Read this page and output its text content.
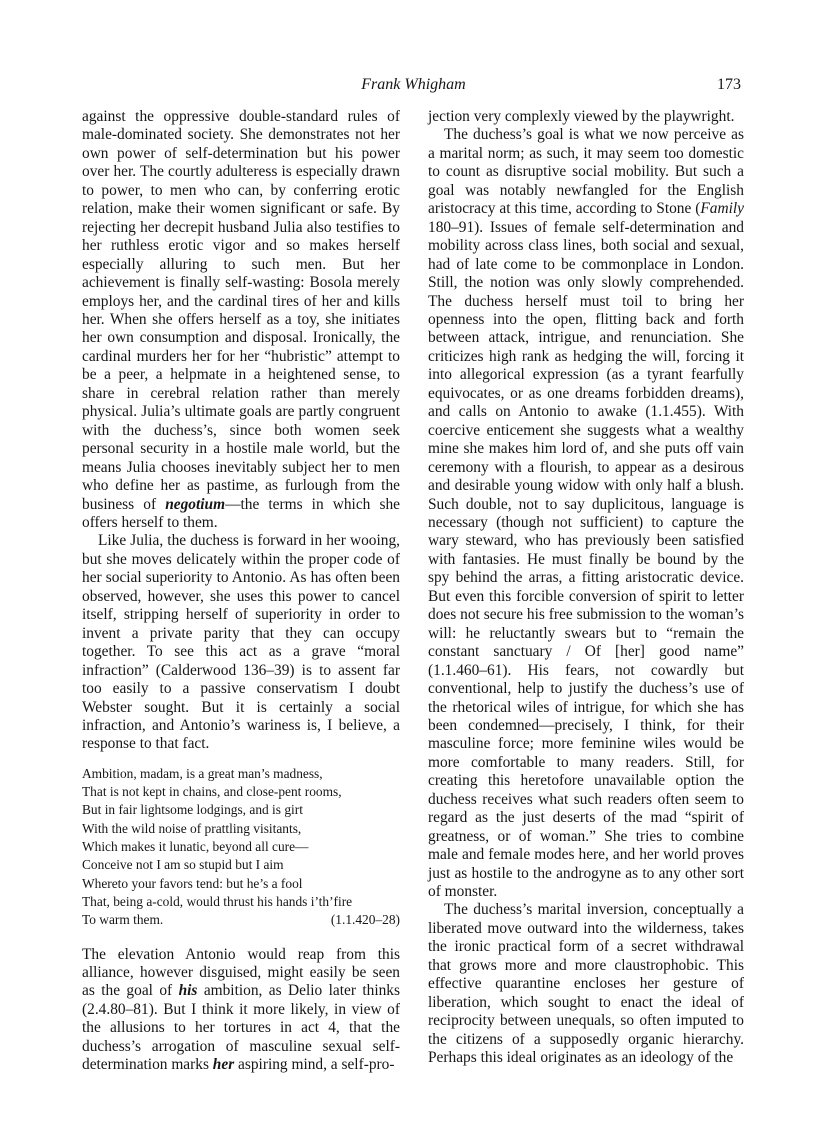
Frank Whigham	173

against the oppressive double-standard rules of male-dominated society. She demonstrates not her own power of self-determination but his power over her. The courtly adulteress is especially drawn to power, to men who can, by conferring erotic relation, make their women significant or safe. By rejecting her decrepit husband Julia also testifies to her ruthless erotic vigor and so makes herself especially alluring to such men. But her achievement is finally self-wasting: Bosola merely employs her, and the cardinal tires of her and kills her. When she offers herself as a toy, she initiates her own consumption and disposal. Ironically, the cardinal murders her for her “hubristic” attempt to be a peer, a helpmate in a heightened sense, to share in cerebral relation rather than merely physical. Julia’s ultimate goals are partly congruent with the duchess’s, since both women seek personal security in a hostile male world, but the means Julia chooses inevitably subject her to men who define her as pastime, as furlough from the business of negotium—the terms in which she offers herself to them.

Like Julia, the duchess is forward in her wooing, but she moves delicately within the proper code of her social superiority to Antonio. As has often been observed, however, she uses this power to cancel itself, stripping herself of superiority in order to invent a private parity that they can occupy together. To see this act as a grave “moral infraction” (Calderwood 136–39) is to assent far too easily to a passive conservatism I doubt Webster sought. But it is certainly a social infraction, and Antonio’s wariness is, I believe, a response to that fact.

Ambition, madam, is a great man’s madness,
That is not kept in chains, and close-pent rooms,
But in fair lightsome lodgings, and is girt
With the wild noise of prattling visitants,
Which makes it lunatic, beyond all cure—
Conceive not I am so stupid but I aim
Whereto your favors tend: but he’s a fool
That, being a-cold, would thrust his hands i’th’fire
To warm them.	(1.1.420–28)

The elevation Antonio would reap from this alliance, however disguised, might easily be seen as the goal of his ambition, as Delio later thinks (2.4.80–81). But I think it more likely, in view of the allusions to her tortures in act 4, that the duchess’s arrogation of masculine sexual self-determination marks her aspiring mind, a self-pro-

jection very complexly viewed by the playwright.

The duchess’s goal is what we now perceive as a marital norm; as such, it may seem too domestic to count as disruptive social mobility. But such a goal was notably newfangled for the English aristocracy at this time, according to Stone (Family 180–91). Issues of female self-determination and mobility across class lines, both social and sexual, had of late come to be commonplace in London. Still, the notion was only slowly comprehended. The duchess herself must toil to bring her openness into the open, flitting back and forth between attack, intrigue, and renunciation. She criticizes high rank as hedging the will, forcing it into allegorical expression (as a tyrant fearfully equivocates, or as one dreams forbidden dreams), and calls on Antonio to awake (1.1.455). With coercive enticement she suggests what a wealthy mine she makes him lord of, and she puts off vain ceremony with a flourish, to appear as a desirous and desirable young widow with only half a blush. Such double, not to say duplicitous, language is necessary (though not sufficient) to capture the wary steward, who has previously been satisfied with fantasies. He must finally be bound by the spy behind the arras, a fitting aristocratic device. But even this forcible conversion of spirit to letter does not secure his free submission to the woman’s will: he reluctantly swears but to “remain the constant sanctuary / Of [her] good name” (1.1.460–61). His fears, not cowardly but conventional, help to justify the duchess’s use of the rhetorical wiles of intrigue, for which she has been condemned—precisely, I think, for their masculine force; more feminine wiles would be more comfortable to many readers. Still, for creating this heretofore unavailable option the duchess receives what such readers often seem to regard as the just deserts of the mad “spirit of greatness, or of woman.” She tries to combine male and female modes here, and her world proves just as hostile to the androgyne as to any other sort of monster.

The duchess’s marital inversion, conceptually a liberated move outward into the wilderness, takes the ironic practical form of a secret withdrawal that grows more and more claustrophobic. This effective quarantine encloses her gesture of liberation, which sought to enact the ideal of reciprocity between unequals, so often imputed to the citizens of a supposedly organic hierarchy. Perhaps this ideal originates as an ideology of the
